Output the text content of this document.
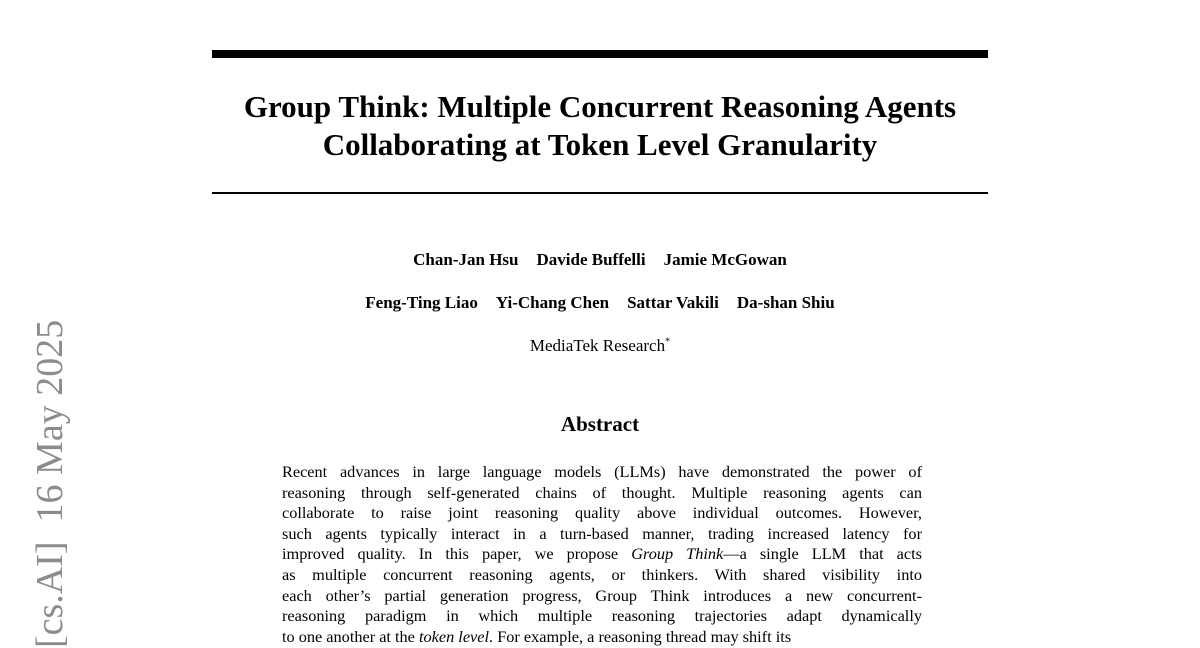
[cs.AI]  16 May 2025
Group Think: Multiple Concurrent Reasoning Agents
Collaborating at Token Level Granularity
Chan-Jan Hsu Davide Buffelli Jamie McGowan
Feng-Ting Liao Yi-Chang Chen Sattar Vakili Da-shan Shiu
MediaTek Research*
Abstract
Recent advances in large language models (LLMs) have demonstrated the power of
reasoning through self-generated chains of thought. Multiple reasoning agents can
collaborate to raise joint reasoning quality above individual outcomes. However,
such agents typically interact in a turn-based manner, trading increased latency for
improved quality. In this paper, we propose Group Think—a single LLM that acts
as multiple concurrent reasoning agents, or thinkers. With shared visibility into
each other’s partial generation progress, Group Think introduces a new concurrent-
reasoning paradigm in which multiple reasoning trajectories adapt dynamically
to one another at the token level. For example, a reasoning thread may shift its
